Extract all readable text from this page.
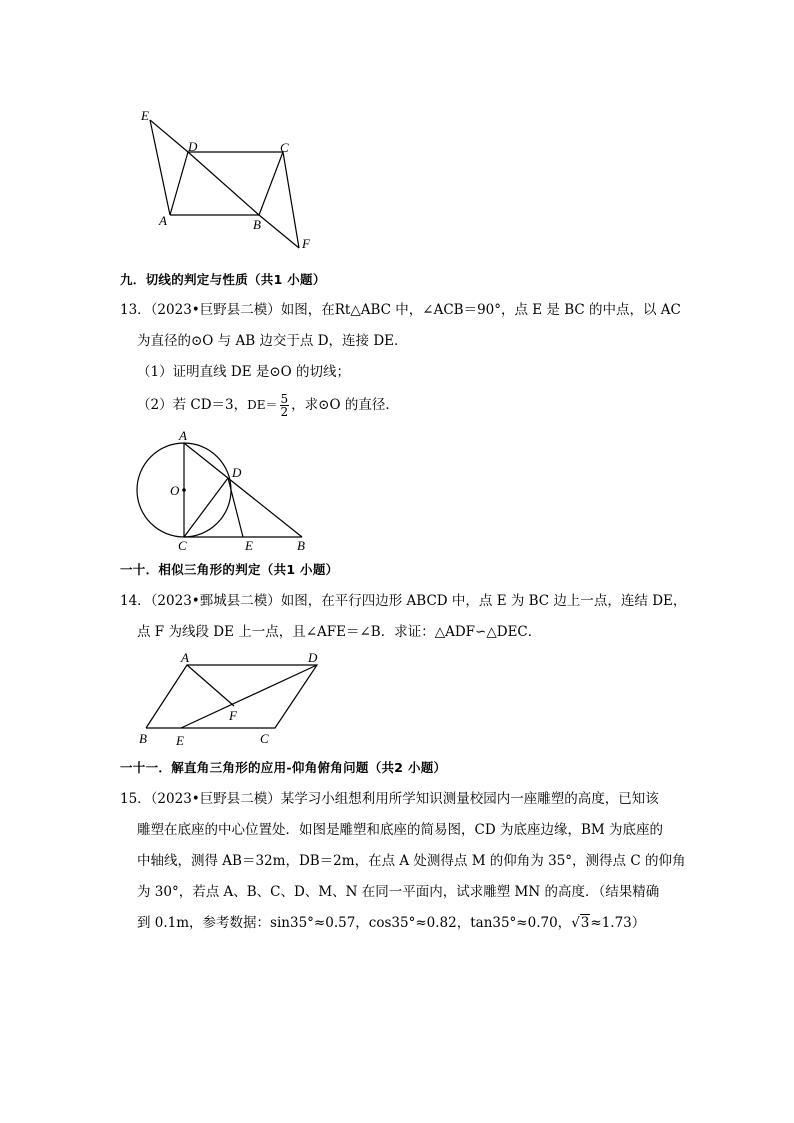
E
D	C
A	B
F
九．切线的判定与性质（共1 小题）
13．（2023•巨野县二模）如图，在Rt△ABC 中，∠ACB＝90°，点 E 是 BC 的中点，以 AC
为直径的⊙O 与 AB 边交于点 D，连接 DE．
（1）证明直线 DE 是⊙O 的切线；
（2）若 CD＝3，$DE= \frac{5}{2}$ ，求⊙O 的直径．
A
D
O
C	E	B
一十．相似三角形的判定（共1 小题）
14．（2023•鄄城县二模）如图，在平行四边形 ABCD 中，点 E 为 BC 边上一点，连结 DE，
点 F 为线段 DE 上一点，且∠AFE＝∠B．求证：△ADF∽△DEC．
A	D
F
B E	C
一十一．解直角三角形的应用-仰角俯角问题（共2 小题）
15．（2023•巨野县二模）某学习小组想利用所学知识测量校园内一座雕塑的高度，已知该
雕塑在底座的中心位置处．如图是雕塑和底座的简易图，CD 为底座边缘，BM 为底座的
中轴线，测得 AB＝32m，DB＝2m，在点 A 处测得点 M 的仰角为 35°，测得点 C 的仰角
为 30°，若点 A、B、C、D、M、N 在同一平面内，试求雕塑 MN 的高度．（结果精确
到 0.1m，参考数据：sin35°≈0.57，cos35°≈0.82，tan35°≈0.70，√3≈1.73）
